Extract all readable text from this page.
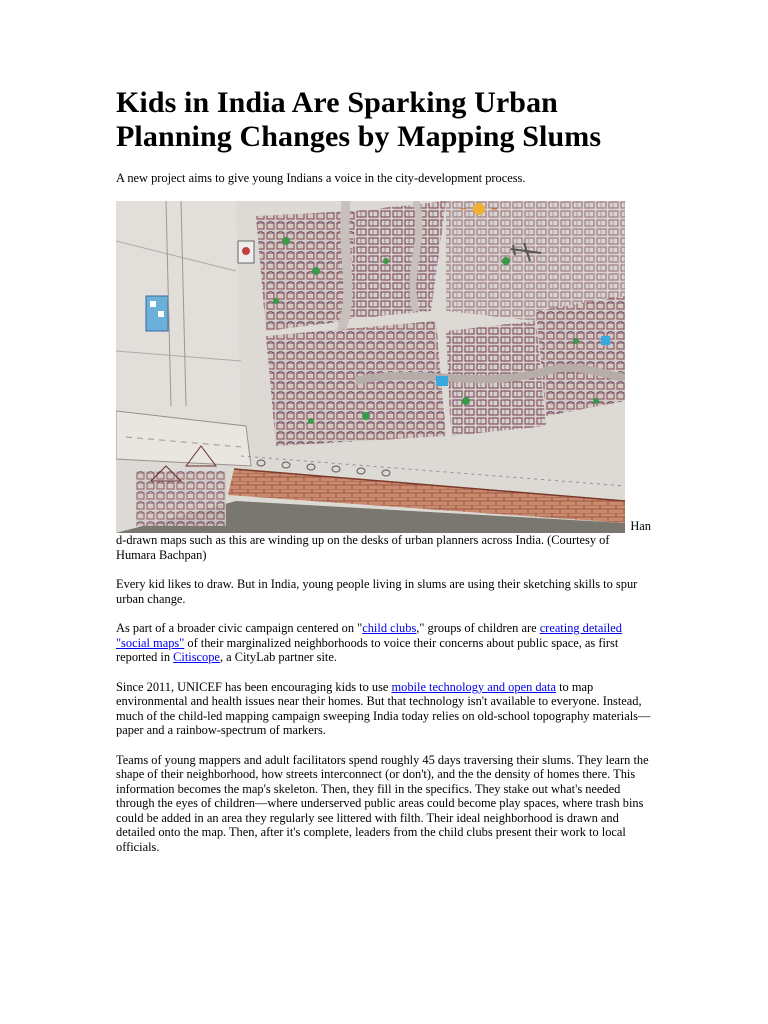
Kids in India Are Sparking Urban Planning Changes by Mapping Slums

A new project aims to give young Indians a voice in the city-development process.

Han
d-drawn maps such as this are winding up on the desks of urban planners across India. (Courtesy of Humara Bachpan)

Every kid likes to draw. But in India, young people living in slums are using their sketching skills to spur urban change.

As part of a broader civic campaign centered on "child clubs," groups of children are creating detailed "social maps" of their marginalized neighborhoods to voice their concerns about public space, as first reported in Citiscope, a CityLab partner site.

Since 2011, UNICEF has been encouraging kids to use mobile technology and open data to map environmental and health issues near their homes. But that technology isn't available to everyone. Instead, much of the child-led mapping campaign sweeping India today relies on old-school topography materials—paper and a rainbow-spectrum of markers.

Teams of young mappers and adult facilitators spend roughly 45 days traversing their slums. They learn the shape of their neighborhood, how streets interconnect (or don't), and the the density of homes there. This information becomes the map's skeleton. Then, they fill in the specifics. They stake out what's needed through the eyes of children—where underserved public areas could become play spaces, where trash bins could be added in an area they regularly see littered with filth. Their ideal neighborhood is drawn and detailed onto the map. Then, after it's complete, leaders from the child clubs present their work to local officials.
